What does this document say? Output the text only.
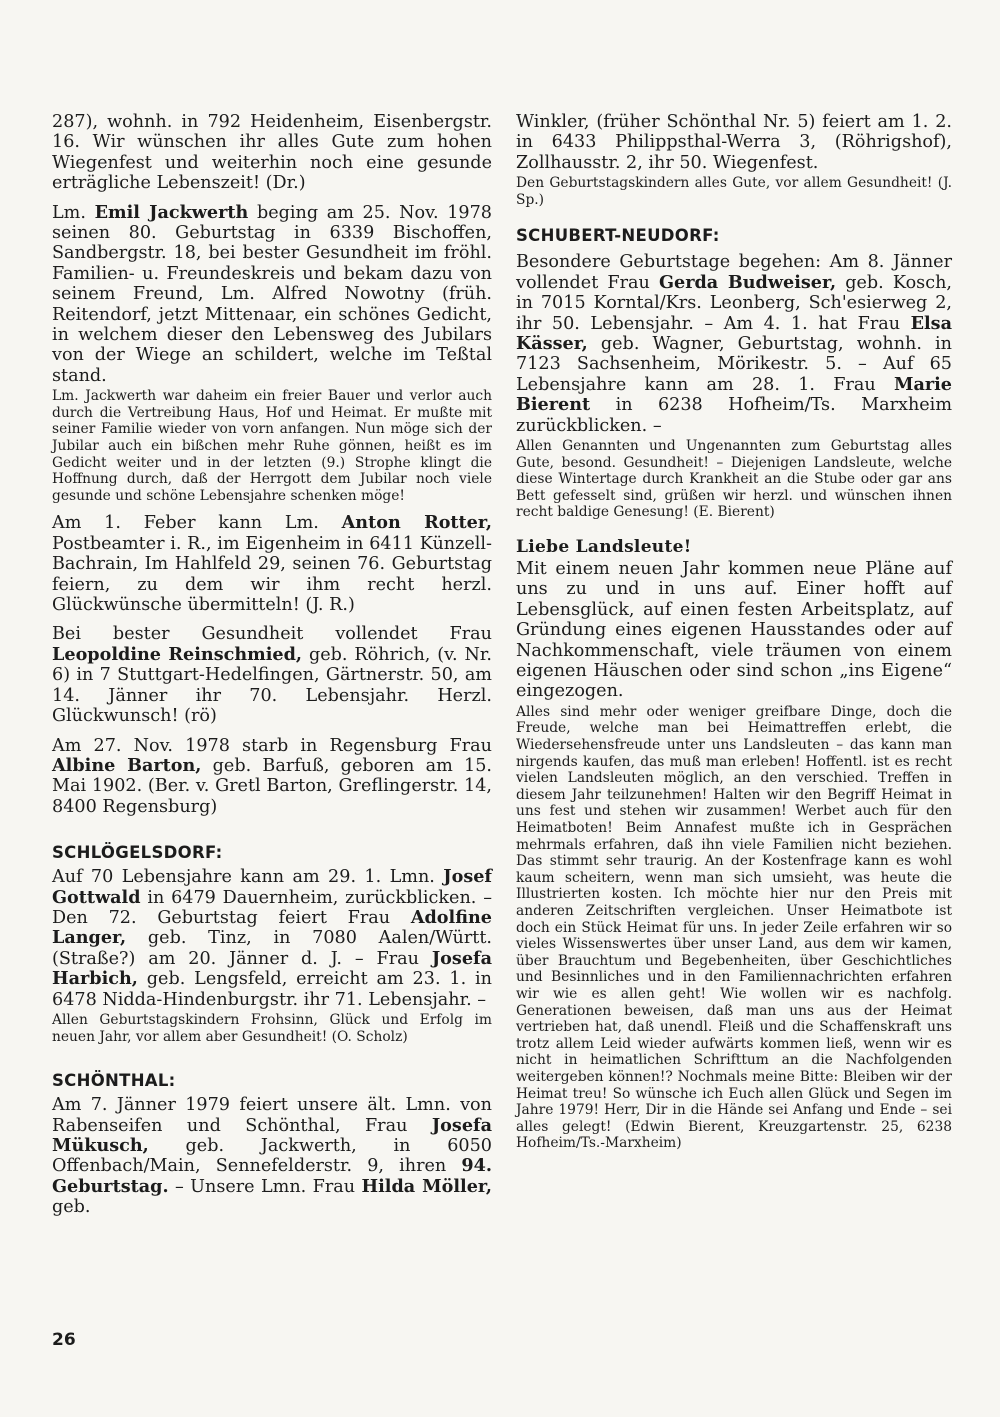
287), wohnh. in 792 Heidenheim, Eisenbergstr. 16. Wir wünschen ihr alles Gute zum hohen Wiegenfest und weiterhin noch eine gesunde erträgliche Lebenszeit! (Dr.)

Lm. Emil Jackwerth beging am 25. Nov. 1978 seinen 80. Geburtstag in 6339 Bischoffen, Sandbergstr. 18, bei bester Gesundheit im fröhl. Familien- u. Freundeskreis und bekam dazu von seinem Freund, Lm. Alfred Nowotny (früh. Reitendorf, jetzt Mittenaar, ein schönes Gedicht, in welchem dieser den Lebensweg des Jubilars von der Wiege an schildert, welche im Teßtal stand.

Lm. Jackwerth war daheim ein freier Bauer und verlor auch durch die Vertreibung Haus, Hof und Heimat. Er mußte mit seiner Familie wieder von vorn anfangen. Nun möge sich der Jubilar auch ein bißchen mehr Ruhe gönnen, heißt es im Gedicht weiter und in der letzten (9.) Strophe klingt die Hoffnung durch, daß der Herrgott dem Jubilar noch viele gesunde und schöne Lebensjahre schenken möge!

Am 1. Feber kann Lm. Anton Rotter, Postbeamter i. R., im Eigenheim in 6411 Künzell-Bachrain, Im Hahlfeld 29, seinen 76. Geburtstag feiern, zu dem wir ihm recht herzl. Glückwünsche übermitteln! (J. R.)

Bei bester Gesundheit vollendet Frau Leopoldine Reinschmied, geb. Röhrich, (v. Nr. 6) in 7 Stuttgart-Hedelfingen, Gärtnerstr. 50, am 14. Jänner ihr 70. Lebensjahr. Herzl. Glückwunsch! (rö)

Am 27. Nov. 1978 starb in Regensburg Frau Albine Barton, geb. Barfuß, geboren am 15. Mai 1902. (Ber. v. Gretl Barton, Greflingerstr. 14, 8400 Regensburg)

SCHLÖGELSDORF:

Auf 70 Lebensjahre kann am 29. 1. Lmn. Josef Gottwald in 6479 Dauernheim, zurückblicken. – Den 72. Geburtstag feiert Frau Adolfine Langer, geb. Tinz, in 7080 Aalen/Württ. (Straße?) am 20. Jänner d. J. – Frau Josefa Harbich, geb. Lengsfeld, erreicht am 23. 1. in 6478 Nidda-Hindenburgstr. ihr 71. Lebensjahr. –

Allen Geburtstagskindern Frohsinn, Glück und Erfolg im neuen Jahr, vor allem aber Gesundheit! (O. Scholz)

SCHÖNTHAL:

Am 7. Jänner 1979 feiert unsere ält. Lmn. von Rabenseifen und Schönthal, Frau Josefa Mükusch, geb. Jackwerth, in 6050 Offenbach/Main, Sennefelderstr. 9, ihren 94. Geburtstag. – Unsere Lmn. Frau Hilda Möller, geb.

Winkler, (früher Schönthal Nr. 5) feiert am 1. 2. in 6433 Philippsthal-Werra 3, (Röhrigshof), Zollhausstr. 2, ihr 50. Wiegenfest.

Den Geburtstagskindern alles Gute, vor allem Gesundheit! (J. Sp.)

SCHUBERT-NEUDORF:

Besondere Geburtstage begehen: Am 8. Jänner vollendet Frau Gerda Budweiser, geb. Kosch, in 7015 Korntal/Krs. Leonberg, Sch'esierweg 2, ihr 50. Lebensjahr. – Am 4. 1. hat Frau Elsa Kässer, geb. Wagner, Geburtstag, wohnh. in 7123 Sachsenheim, Mörikestr. 5. – Auf 65 Lebensjahre kann am 28. 1. Frau Marie Bierent in 6238 Hofheim/Ts. Marxheim zurückblicken. –

Allen Genannten und Ungenannten zum Geburtstag alles Gute, besond. Gesundheit! – Diejenigen Landsleute, welche diese Wintertage durch Krankheit an die Stube oder gar ans Bett gefesselt sind, grüßen wir herzl. und wünschen ihnen recht baldige Genesung! (E. Bierent)

Liebe Landsleute!

Mit einem neuen Jahr kommen neue Pläne auf uns zu und in uns auf. Einer hofft auf Lebensglück, auf einen festen Arbeitsplatz, auf Gründung eines eigenen Hausstandes oder auf Nachkommenschaft, viele träumen von einem eigenen Häuschen oder sind schon „ins Eigene“ eingezogen.

Alles sind mehr oder weniger greifbare Dinge, doch die Freude, welche man bei Heimattreffen erlebt, die Wiedersehensfreude unter uns Landsleuten – das kann man nirgends kaufen, das muß man erleben! Hoffentl. ist es recht vielen Landsleuten möglich, an den verschied. Treffen in diesem Jahr teilzunehmen! Halten wir den Begriff Heimat in uns fest und stehen wir zusammen! Werbet auch für den Heimatboten! Beim Annafest mußte ich in Gesprächen mehrmals erfahren, daß ihn viele Familien nicht beziehen. Das stimmt sehr traurig. An der Kostenfrage kann es wohl kaum scheitern, wenn man sich umsieht, was heute die Illustrierten kosten. Ich möchte hier nur den Preis mit anderen Zeitschriften vergleichen. Unser Heimatbote ist doch ein Stück Heimat für uns. In jeder Zeile erfahren wir so vieles Wissenswertes über unser Land, aus dem wir kamen, über Brauchtum und Begebenheiten, über Geschichtliches und Besinnliches und in den Familiennachrichten erfahren wir wie es allen geht! Wie wollen wir es nachfolg. Generationen beweisen, daß man uns aus der Heimat vertrieben hat, daß unendl. Fleiß und die Schaffenskraft uns trotz allem Leid wieder aufwärts kommen ließ, wenn wir es nicht in heimatlichen Schrifttum an die Nachfolgenden weitergeben können!? Nochmals meine Bitte: Bleiben wir der Heimat treu! So wünsche ich Euch allen Glück und Segen im Jahre 1979! Herr, Dir in die Hände sei Anfang und Ende – sei alles gelegt! (Edwin Bierent, Kreuzgartenstr. 25, 6238 Hofheim/Ts.-Marxheim)

26
